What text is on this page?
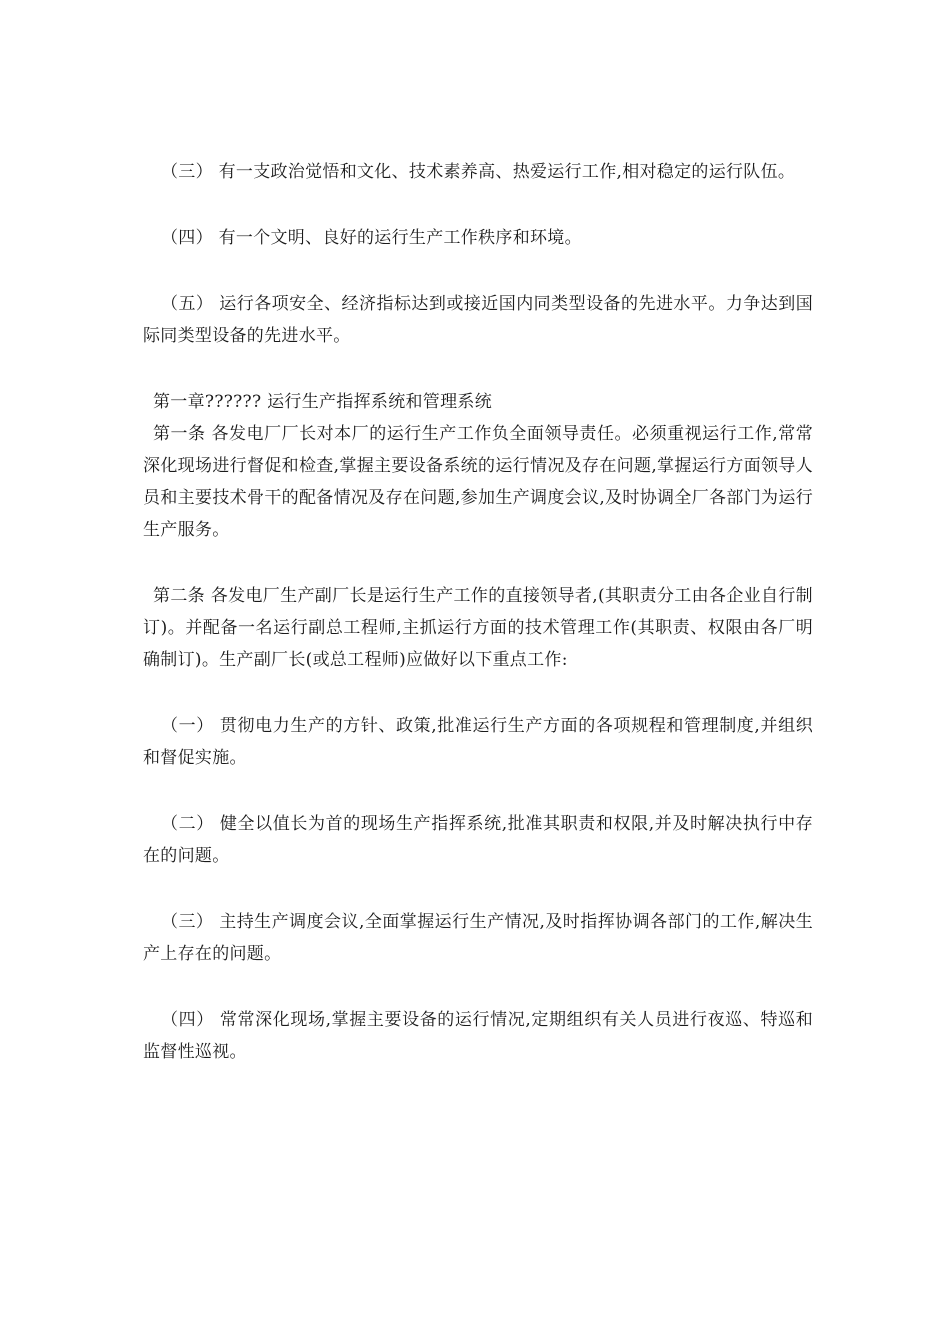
（三） 有一支政治觉悟和文化、技术素养高、热爱运行工作,相对稳定的运行队伍。

（四） 有一个文明、良好的运行生产工作秩序和环境。

（五） 运行各项安全、经济指标达到或接近国内同类型设备的先进水平。力争达到国际同类型设备的先进水平。

第一章?????? 运行生产指挥系统和管理系统

第一条 各发电厂厂长对本厂的运行生产工作负全面领导责任。必须重视运行工作,常常深化现场进行督促和检查,掌握主要设备系统的运行情况及存在问题,掌握运行方面领导人员和主要技术骨干的配备情况及存在问题,参加生产调度会议,及时协调全厂各部门为运行生产服务。

第二条 各发电厂生产副厂长是运行生产工作的直接领导者,(其职责分工由各企业自行制订)。并配备一名运行副总工程师,主抓运行方面的技术管理工作(其职责、权限由各厂明确制订)。生产副厂长(或总工程师)应做好以下重点工作:

（一） 贯彻电力生产的方针、政策,批准运行生产方面的各项规程和管理制度,并组织和督促实施。

（二） 健全以值长为首的现场生产指挥系统,批准其职责和权限,并及时解决执行中存在的问题。

（三） 主持生产调度会议,全面掌握运行生产情况,及时指挥协调各部门的工作,解决生产上存在的问题。

（四） 常常深化现场,掌握主要设备的运行情况,定期组织有关人员进行夜巡、特巡和监督性巡视。
